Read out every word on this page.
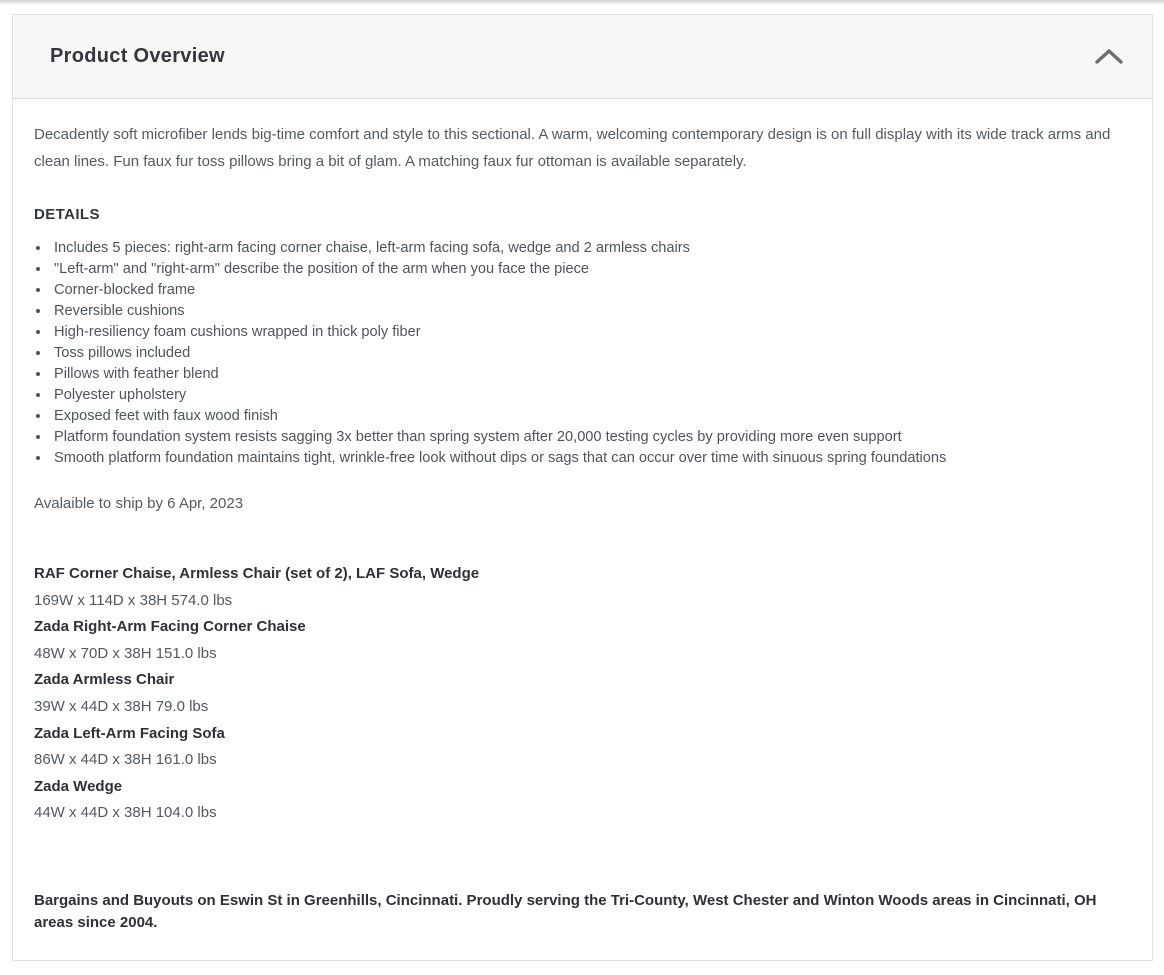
Product Overview

Decadently soft microfiber lends big-time comfort and style to this sectional. A warm, welcoming contemporary design is on full display with its wide track arms and clean lines. Fun faux fur toss pillows bring a bit of glam. A matching faux fur ottoman is available separately.

DETAILS
• Includes 5 pieces: right-arm facing corner chaise, left-arm facing sofa, wedge and 2 armless chairs
• "Left-arm" and "right-arm" describe the position of the arm when you face the piece
• Corner-blocked frame
• Reversible cushions
• High-resiliency foam cushions wrapped in thick poly fiber
• Toss pillows included
• Pillows with feather blend
• Polyester upholstery
• Exposed feet with faux wood finish
• Platform foundation system resists sagging 3x better than spring system after 20,000 testing cycles by providing more even support
• Smooth platform foundation maintains tight, wrinkle-free look without dips or sags that can occur over time with sinuous spring foundations

Avalaible to ship by 6 Apr, 2023

RAF Corner Chaise, Armless Chair (set of 2), LAF Sofa, Wedge

169W x 114D x 38H 574.0 lbs

Zada Right-Arm Facing Corner Chaise

48W x 70D x 38H 151.0 lbs

Zada Armless Chair

39W x 44D x 38H 79.0 lbs

Zada Left-Arm Facing Sofa

86W x 44D x 38H 161.0 lbs

Zada Wedge

44W x 44D x 38H 104.0 lbs

Bargains and Buyouts on Eswin St in Greenhills, Cincinnati. Proudly serving the Tri-County, West Chester and Winton Woods areas in Cincinnati, OH areas since 2004.
